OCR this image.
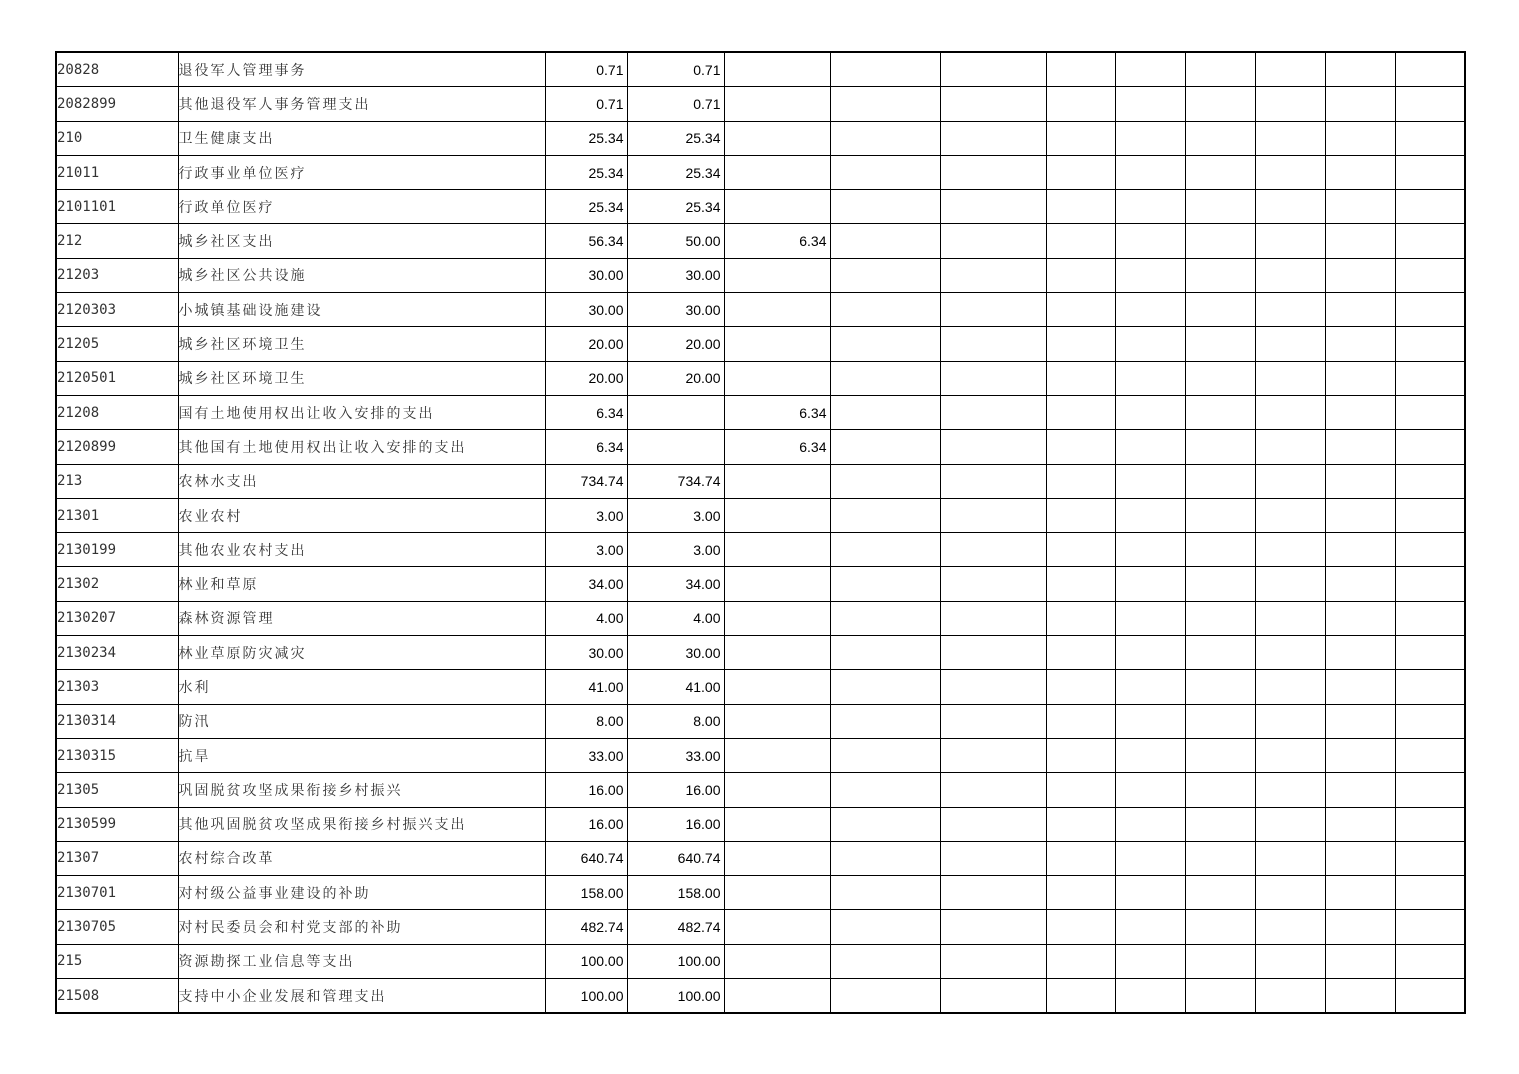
20828	退役军人管理事务	0.71	0.71									
2082899	其他退役军人事务管理支出	0.71	0.71									
210	卫生健康支出	25.34	25.34									
21011	行政事业单位医疗	25.34	25.34									
2101101	行政单位医疗	25.34	25.34									
212	城乡社区支出	56.34	50.00	6.34								
21203	城乡社区公共设施	30.00	30.00									
2120303	小城镇基础设施建设	30.00	30.00									
21205	城乡社区环境卫生	20.00	20.00									
2120501	城乡社区环境卫生	20.00	20.00									
21208	国有土地使用权出让收入安排的支出	6.34		6.34								
2120899	其他国有土地使用权出让收入安排的支出	6.34		6.34								
213	农林水支出	734.74	734.74									
21301	农业农村	3.00	3.00									
2130199	其他农业农村支出	3.00	3.00									
21302	林业和草原	34.00	34.00									
2130207	森林资源管理	4.00	4.00									
2130234	林业草原防灾减灾	30.00	30.00									
21303	水利	41.00	41.00									
2130314	防汛	8.00	8.00									
2130315	抗旱	33.00	33.00									
21305	巩固脱贫攻坚成果衔接乡村振兴	16.00	16.00									
2130599	其他巩固脱贫攻坚成果衔接乡村振兴支出	16.00	16.00									
21307	农村综合改革	640.74	640.74									
2130701	对村级公益事业建设的补助	158.00	158.00									
2130705	对村民委员会和村党支部的补助	482.74	482.74									
215	资源勘探工业信息等支出	100.00	100.00									
21508	支持中小企业发展和管理支出	100.00	100.00									
